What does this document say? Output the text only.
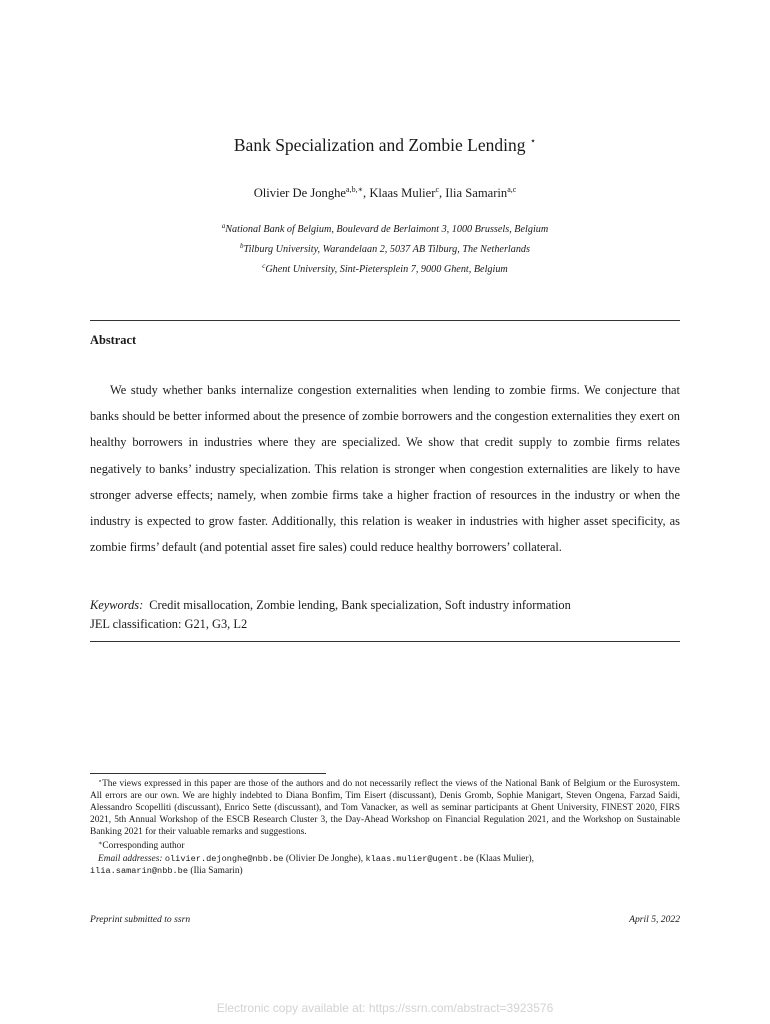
Bank Specialization and Zombie Lending ⋆
Olivier De Jonghe$^{a,b,∗}$, Klaas Mulier$^c$, Ilia Samarin$^{a,c}$
$^a$National Bank of Belgium, Boulevard de Berlaimont 3, 1000 Brussels, Belgium
$^b$Tilburg University, Warandelaan 2, 5037 AB Tilburg, The Netherlands
$^c$Ghent University, Sint-Pietersplein 7, 9000 Ghent, Belgium
Abstract
We study whether banks internalize congestion externalities when lending to zombie firms. We conjecture that banks should be better informed about the presence of zombie borrowers and the congestion externalities they exert on healthy borrowers in industries where they are specialized. We show that credit supply to zombie firms relates negatively to banks’ industry specialization. This relation is stronger when congestion externalities are likely to have stronger adverse effects; namely, when zombie firms take a higher fraction of resources in the industry or when the industry is expected to grow faster. Additionally, this relation is weaker in industries with higher asset specificity, as zombie firms’ default (and potential asset fire sales) could reduce healthy borrowers’ collateral.
Keywords: Credit misallocation, Zombie lending, Bank specialization, Soft industry information
JEL classification: G21, G3, L2

⋆The views expressed in this paper are those of the authors and do not necessarily reflect the views of the National Bank of Belgium or the Eurosystem. All errors are our own. We are highly indebted to Diana Bonfim, Tim Eisert (discussant), Denis Gromb, Sophie Manigart, Steven Ongena, Farzad Saidi, Alessandro Scopelliti (discussant), Enrico Sette (discussant), and Tom Vanacker, as well as seminar participants at Ghent University, FINEST 2020, FIRS 2021, 5th Annual Workshop of the ESCB Research Cluster 3, the Day-Ahead Workshop on Financial Regulation 2021, and the Workshop on Sustainable Banking 2021 for their valuable remarks and suggestions.

∗Corresponding author

Email addresses: olivier.dejonghe@nbb.be (Olivier De Jonghe), klaas.mulier@ugent.be (Klaas Mulier),

ilia.samarin@nbb.be (Ilia Samarin)

Preprint submitted to ssrn	April 5, 2022
Electronic copy available at: https://ssrn.com/abstract=3923576
